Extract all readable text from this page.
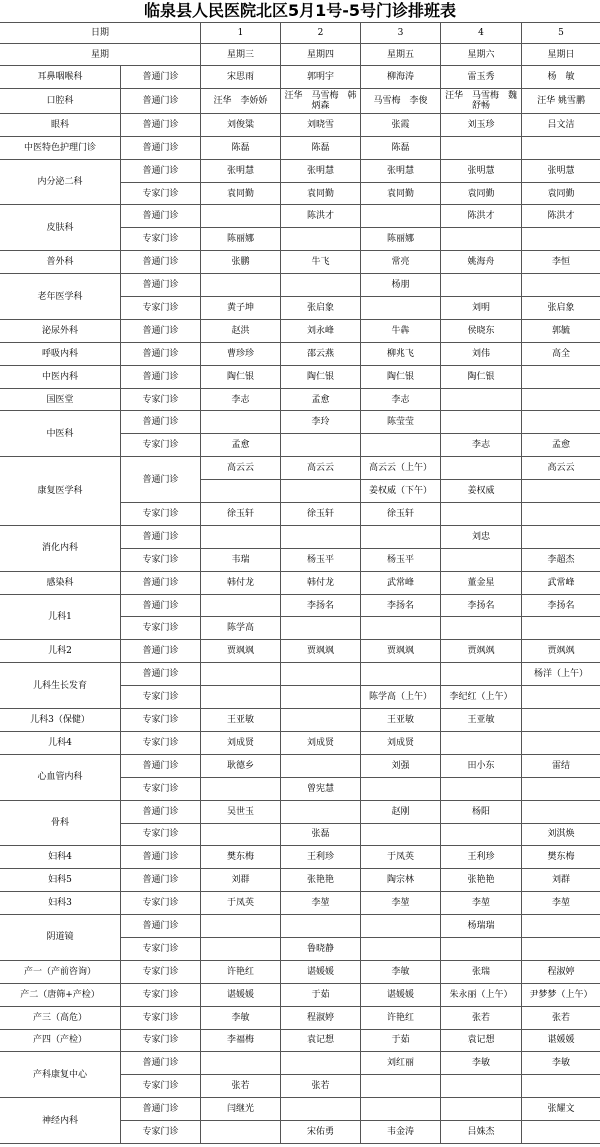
临泉县人民医院北区5月1号-5号门诊排班表
日期		1	2	3	4	5
星期		星期三	星期四	星期五	星期六	星期日
耳鼻咽喉科	普通门诊	宋思雨	郭明宇	柳海涛	雷玉秀	杨　敏
口腔科	普通门诊	汪华　李娇娇	汪华　马雪梅　韩炳森	马雪梅　李俊	汪华　马雪梅　魏舒畅	汪华 姚雪鹏
眼科	普通门诊	刘俊粱	刘晓雪	张霞	刘玉珍	吕文洁
中医特色护理门诊	普通门诊	陈磊	陈磊	陈磊		
内分泌二科	普通门诊	张明慧	张明慧	张明慧	张明慧	张明慧
	专家门诊	袁同勤	袁同勤	袁同勤	袁同勤	袁同勤
皮肤科	普通门诊		陈洪才		陈洪才	陈洪才
	专家门诊	陈丽娜		陈丽娜		
普外科	普通门诊	张鹏	牛飞	常亮	姚海舟	李恒
老年医学科	普通门诊			杨朋		
	专家门诊	黄子坤	张启象		刘明	张启象
泌尿外科	普通门诊	赵洪	刘永峰	牛犇	侯晓东	郭毓
呼吸内科	普通门诊	曹珍珍	邵云燕	柳兆飞	刘伟	高全
中医内科	普通门诊	陶仁银	陶仁银	陶仁银	陶仁银	
国医堂	专家门诊	李志	孟愈	李志		
中医科	普通门诊		李玲	陈莹莹		
	专家门诊	孟愈			李志	孟愈
康复医学科	普通门诊	高云云	高云云	高云云（上午）		高云云
				姜权威（下午）	姜权威	
	专家门诊	徐玉轩	徐玉轩	徐玉轩		
消化内科	普通门诊				刘忠	
	专家门诊	韦瑞	杨玉平	杨玉平		李超杰
感染科	普通门诊	韩付龙	韩付龙	武常峰	董金星	武常峰
儿科1	普通门诊		李扬名	李扬名	李扬名	李扬名
	专家门诊	陈学高				
儿科2	普通门诊	贾飒飒	贾飒飒	贾飒飒	贾飒飒	贾飒飒
儿科生长发育	普通门诊					杨洋（上午）
	专家门诊			陈学高（上午）	李纪红（上午）	
儿科3（保健）	专家门诊	王亚敏		王亚敏	王亚敏	
儿科4	专家门诊	刘成贤	刘成贤	刘成贤		
心血管内科	普通门诊	耿德乡		刘强	田小东	雷结
	专家门诊		曾宪慧			
骨科	普通门诊	吴世玉		赵刚	杨阳	
	专家门诊		张磊			刘淇焕
妇科4	普通门诊	樊东梅	王利珍	于凤英	王利珍	樊东梅
妇科5	普通门诊	刘群	张艳艳	陶宗林	张艳艳	刘群
妇科3	专家门诊	于凤英	李堃	李堃	李堃	李堃
阴道镜	普通门诊				杨瑞瑞	
	专家门诊		鲁晓静			
产一（产前咨询）	专家门诊	许艳红	谌媛媛	李敏	张瑞	程淑婷
产二（唐筛+产检）	专家门诊	谌媛媛	于茹	谌媛媛	朱永丽（上午）	尹梦梦（上午）
产三（高危）	专家门诊	李敏	程淑婷	许艳红	张若	张若
产四（产检）	专家门诊	李福梅	袁记想	于茹	袁记想	谌媛媛
产科康复中心	普通门诊			刘红丽	李敏	李敏
	专家门诊	张若	张若			
神经内科	普通门诊	闫继光				张耀文
	专家门诊		宋佑勇	韦金涛	吕姝杰	
